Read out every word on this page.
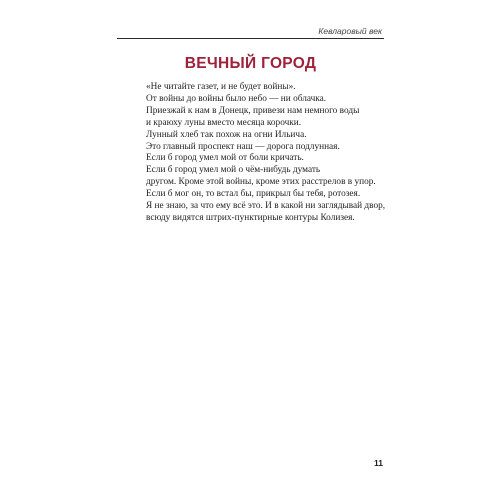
Кевларовый век
ВЕЧНЫЙ ГОРОД
«Не читайте газет, и не будет войны».
От войны до войны было небо — ни облачка.
Приезжай к нам в Донецк, привези нам немного воды
и краюху луны вместо месяца корочки.
Лунный хлеб так похож на огни Ильича.
Это главный проспект наш — дорога подлунная.
Если б город умел мой от боли кричать.
Если б город умел мой о чём-нибудь думать
другом. Кроме этой войны, кроме этих расстрелов в упор.
Если б мог он, то встал бы, прикрыл бы тебя, ротозея.
Я не знаю, за что ему всё это. И в какой ни заглядывай двор,
всюду видятся штрих-пунктирные контуры Колизея.
11
